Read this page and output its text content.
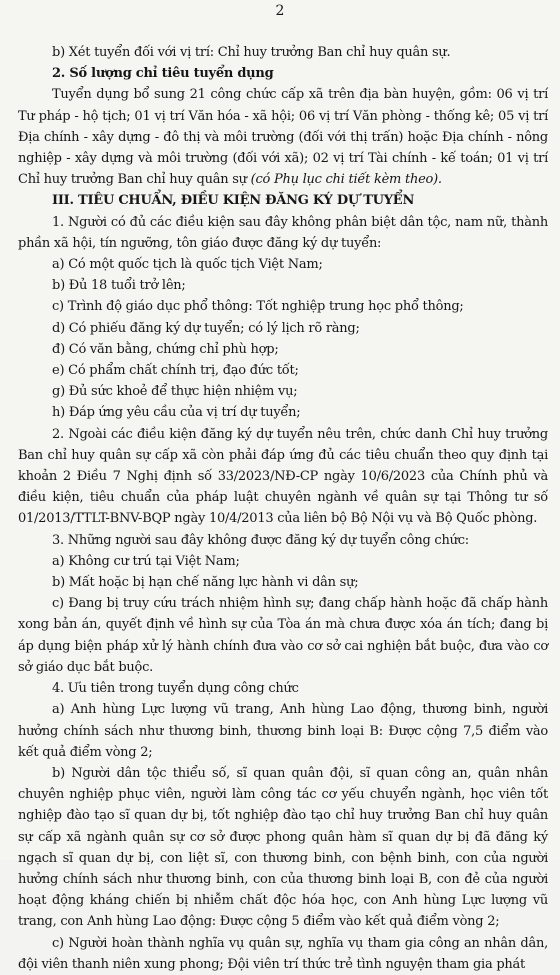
2

b) Xét tuyển đối với vị trí: Chỉ huy trưởng Ban chỉ huy quân sự.

2. Số lượng chỉ tiêu tuyển dụng

Tuyển dụng bổ sung 21 công chức cấp xã trên địa bàn huyện, gồm: 06 vị trí Tư pháp - hộ tịch; 01 vị trí Văn hóa - xã hội; 06 vị trí Văn phòng - thống kê; 05 vị trí Địa chính - xây dựng - đô thị và môi trường (đối với thị trấn) hoặc Địa chính - nông nghiệp - xây dựng và môi trường (đối với xã); 02 vị trí Tài chính - kế toán; 01 vị trí Chỉ huy trưởng Ban chỉ huy quân sự (có Phụ lục chi tiết kèm theo).

III. TIÊU CHUẨN, ĐIỀU KIỆN ĐĂNG KÝ DỰ TUYỂN

1. Người có đủ các điều kiện sau đây không phân biệt dân tộc, nam nữ, thành phần xã hội, tín ngưỡng, tôn giáo được đăng ký dự tuyển:

a) Có một quốc tịch là quốc tịch Việt Nam;

b) Đủ 18 tuổi trở lên;

c) Trình độ giáo dục phổ thông: Tốt nghiệp trung học phổ thông;

d) Có phiếu đăng ký dự tuyển; có lý lịch rõ ràng;

đ) Có văn bằng, chứng chỉ phù hợp;

e) Có phẩm chất chính trị, đạo đức tốt;

g) Đủ sức khoẻ để thực hiện nhiệm vụ;

h) Đáp ứng yêu cầu của vị trí dự tuyển;

2. Ngoài các điều kiện đăng ký dự tuyển nêu trên, chức danh Chỉ huy trưởng Ban chỉ huy quân sự cấp xã còn phải đáp ứng đủ các tiêu chuẩn theo quy định tại khoản 2 Điều 7 Nghị định số 33/2023/NĐ-CP ngày 10/6/2023 của Chính phủ và điều kiện, tiêu chuẩn của pháp luật chuyên ngành về quân sự tại Thông tư số 01/2013/TTLT-BNV-BQP ngày 10/4/2013 của liên bộ Bộ Nội vụ và Bộ Quốc phòng.

3. Những người sau đây không được đăng ký dự tuyển công chức:

a) Không cư trú tại Việt Nam;

b) Mất hoặc bị hạn chế năng lực hành vi dân sự;

c) Đang bị truy cứu trách nhiệm hình sự; đang chấp hành hoặc đã chấp hành xong bản án, quyết định về hình sự của Tòa án mà chưa được xóa án tích; đang bị áp dụng biện pháp xử lý hành chính đưa vào cơ sở cai nghiện bắt buộc, đưa vào cơ sở giáo dục bắt buộc.

4. Ưu tiên trong tuyển dụng công chức

a) Anh hùng Lực lượng vũ trang, Anh hùng Lao động, thương binh, người hưởng chính sách như thương binh, thương binh loại B: Được cộng 7,5 điểm vào kết quả điểm vòng 2;

b) Người dân tộc thiểu số, sĩ quan quân đội, sĩ quan công an, quân nhân chuyên nghiệp phục viên, người làm công tác cơ yếu chuyển ngành, học viên tốt nghiệp đào tạo sĩ quan dự bị, tốt nghiệp đào tạo chỉ huy trưởng Ban chỉ huy quân sự cấp xã ngành quân sự cơ sở được phong quân hàm sĩ quan dự bị đã đăng ký ngạch sĩ quan dự bị, con liệt sĩ, con thương binh, con bệnh binh, con của người hưởng chính sách như thương binh, con của thương binh loại B, con đẻ của người hoạt động kháng chiến bị nhiễm chất độc hóa học, con Anh hùng Lực lượng vũ trang, con Anh hùng Lao động: Được cộng 5 điểm vào kết quả điểm vòng 2;

c) Người hoàn thành nghĩa vụ quân sự, nghĩa vụ tham gia công an nhân dân, đội viên thanh niên xung phong; Đội viên trí thức trẻ tình nguyện tham gia phát
